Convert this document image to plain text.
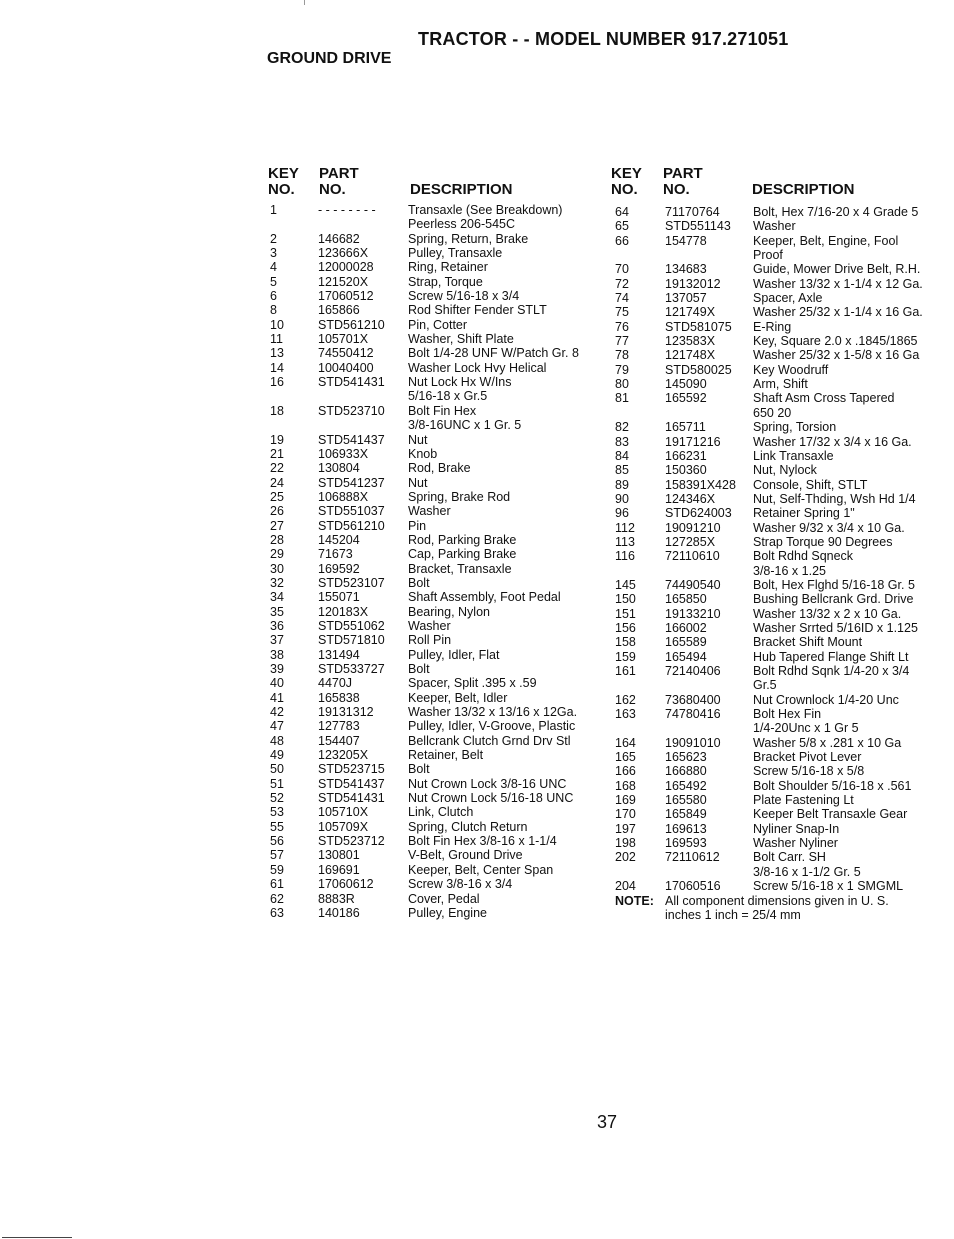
TRACTOR - - MODEL NUMBER 917.271051
GROUND DRIVE
KEY
NO.
PART
NO.	DESCRIPTION
KEY
NO.
PART
NO.	DESCRIPTION
1	- - - - - - - -	Transaxle (See Breakdown)
Peerless 206-545C
2	146682	Spring, Return, Brake
3	123666X	Pulley, Transaxle
4	12000028	Ring, Retainer
5	121520X	Strap, Torque
6	17060512	Screw 5/16-18 x 3/4
8	165866	Rod Shifter Fender STLT
10	STD561210 Pin, Cotter
11	105701X	Washer, Shift Plate
13	74550412	Bolt 1/4-28 UNF W/Patch Gr. 8
14	10040400	Washer Lock Hvy Helical
16	STD541431 Nut Lock Hx W/Ins
5/16-18 x Gr.5
18	STD523710 Bolt Fin Hex
3/8-16UNC x 1 Gr. 5
19	STD541437 Nut
21	106933X	Knob
22	130804	Rod, Brake
24	STD541237 Nut
25	106888X	Spring, Brake Rod
26	STD551037 Washer
27	STD561210 Pin
28	145204	Rod, Parking Brake
29	71673	Cap, Parking Brake
30	169592	Bracket, Transaxle
32	STD523107 Bolt
34	155071	Shaft Assembly, Foot Pedal
35	120183X	Bearing, Nylon
36	STD551062 Washer
37	STD571810 Roll Pin
38	131494	Pulley, Idler, Flat
39	STD533727 Bolt
40	4470J	Spacer, Split .395 x .59
41	165838	Keeper, Belt, Idler
42	19131312	Washer 13/32 x 13/16 x 12Ga.
47	127783	Pulley, Idler, V-Groove, Plastic
48	154407	Bellcrank Clutch Grnd Drv Stl
49	123205X	Retainer, Belt
50	STD523715 Bolt
51	STD541437 Nut Crown Lock 3/8-16 UNC
52	STD541431 Nut Crown Lock 5/16-18 UNC
53	105710X	Link, Clutch
55	105709X	Spring, Clutch Return
56	STD523712 Bolt Fin Hex 3/8-16 x 1-1/4
57	130801	V-Belt, Ground Drive
59	169691	Keeper, Belt, Center Span
61	17060612	Screw 3/8-16 x 3/4
62	8883R	Cover, Pedal
63	140186	Pulley, Engine
64	71170764	Bolt, Hex 7/16-20 x 4 Grade 5
65	STD551143 Washer
66	154778	Keeper, Belt, Engine, Fool
Proof
70	134683	Guide, Mower Drive Belt, R.H.
72	19132012	Washer 13/32 x 1-1/4 x 12 Ga.
74	137057	Spacer, Axle
75	121749X	Washer 25/32 x 1-1/4 x 16 Ga.
76	STD581075 E-Ring
77	123583X	Key, Square 2.0 x .1845/1865
78	121748X	Washer 25/32 x 1-5/8 x 16 Ga
79	STD580025 Key Woodruff
80	145090	Arm, Shift
81	165592	Shaft Asm Cross Tapered
650 20
82	165711	Spring, Torsion
83	19171216	Washer 17/32 x 3/4 x 16 Ga.
84	166231	Link Transaxle
85	150360	Nut, Nylock
89	158391X428 Console, Shift, STLT
90	124346X	Nut, Self-Thding, Wsh Hd 1/4
96	STD624003 Retainer Spring 1"
112 19091210	Washer 9/32 x 3/4 x 10 Ga.
113 127285X	Strap Torque 90 Degrees
116 72110610	Bolt Rdhd Sqneck
3/8-16 x 1.25
145 74490540	Bolt, Hex Flghd 5/16-18 Gr. 5
150 165850	Bushing Bellcrank Grd. Drive
151 19133210	Washer 13/32 x 2 x 10 Ga.
156 166002	Washer Srrted 5/16ID x 1.125
158 165589	Bracket Shift Mount
159 165494	Hub Tapered Flange Shift Lt
161 72140406	Bolt Rdhd Sqnk 1/4-20 x 3/4
Gr.5
162 73680400	Nut Crownlock 1/4-20 Unc
163 74780416	Bolt Hex Fin
1/4-20Unc x 1 Gr 5
164 19091010	Washer 5/8 x .281 x 10 Ga
165 165623	Bracket Pivot Lever
166 166880	Screw 5/16-18 x 5/8
168 165492	Bolt Shoulder 5/16-18 x .561
169 165580	Plate Fastening Lt
170 165849	Keeper Belt Transaxle Gear
197 169613	Nyliner Snap-In
198 169593	Washer Nyliner
202 72110612	Bolt Carr. SH
3/8-16 x 1-1/2 Gr. 5
204 17060516	Screw 5/16-18 x 1 SMGML
NOTE: All component dimensions given in U. S.
inches 1 inch = 25/4 mm
37
